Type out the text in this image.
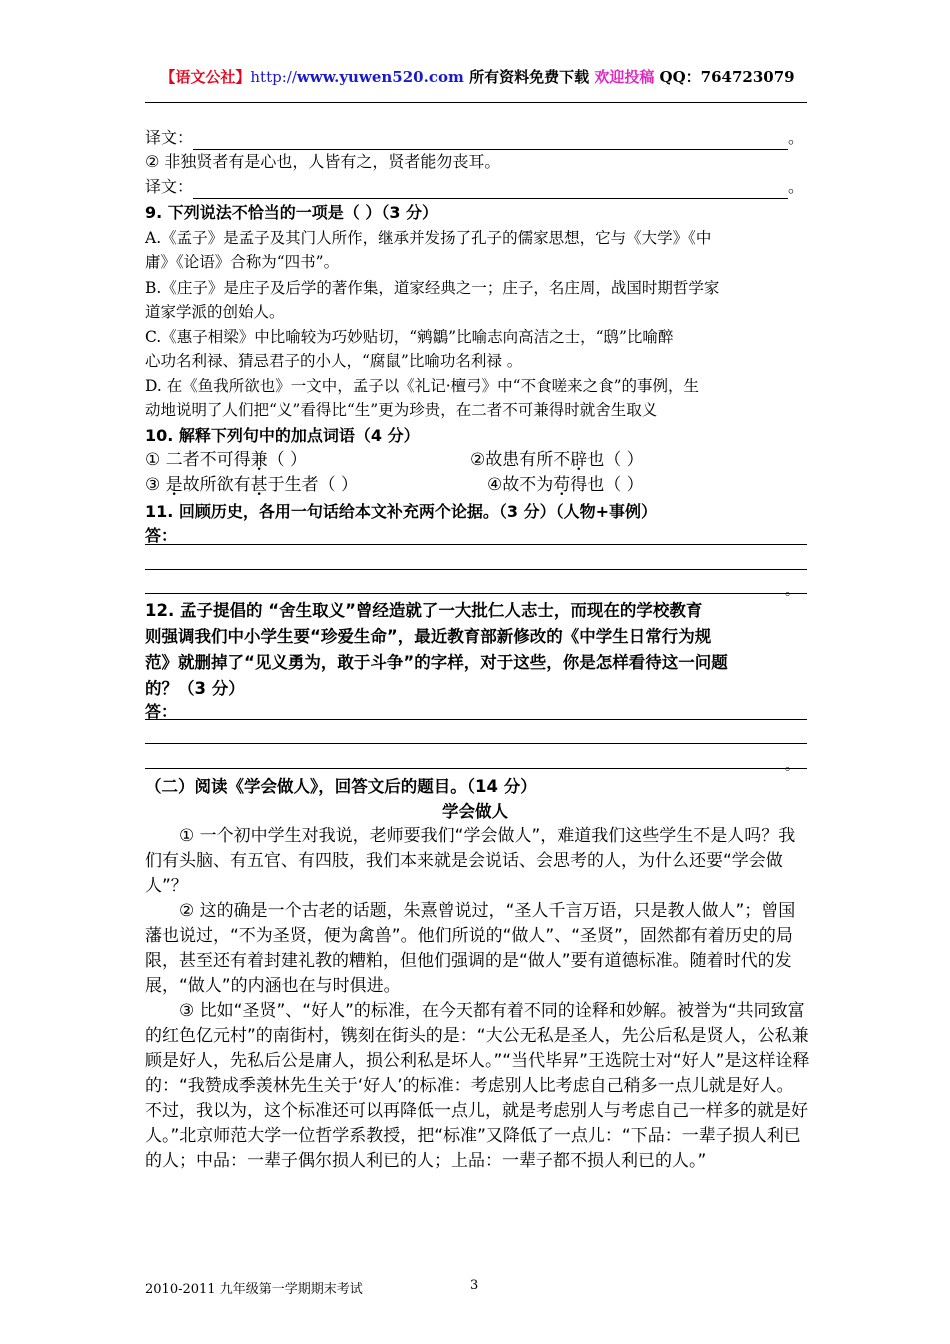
【语文公社】http://www.yuwen520.com 所有资料免费下载 欢迎投稿 QQ：764723079
译文：	。
② 非独贤者有是心也，人皆有之，贤者能勿丧耳。
译文：	。
9. 下列说法不恰当的一项是（ ）（3 分）
A.《孟子》是孟子及其门人所作，继承并发扬了孔子的儒家思想，它与《大学》《中
庸》《论语》合称为“四书”。
B.《庄子》是庄子及后学的著作集，道家经典之一；庄子，名庄周，战国时期哲学家
道家学派的创始人。
C.《惠子相梁》中比喻较为巧妙贴切，“鹓鶵”比喻志向高洁之士，“鸱”比喻醉
心功名利禄、猜忌君子的小人，“腐鼠”比喻功名利禄 。
D. 在《鱼我所欲也》一文中，孟子以《礼记·檀弓》中“不食嗟来之食”的事例，生
动地说明了人们把“义”看得比“生”更为珍贵，在二者不可兼得时就舍生取义
10. 解释下列句中的加点词语（4 分）
① 二者不可得兼（ ）	②故患有所不辟也（ ）
③ 是故所欲有甚于生者（ ）	④故不为苟得也（ ）
11. 回顾历史，各用一句话给本文补充两个论据。（3 分）（人物+事例）
答：
。
12. 孟子提倡的 “舍生取义”曾经造就了一大批仁人志士，而现在的学校教育
则强调我们中小学生要“珍爱生命”，最近教育部新修改的《中学生日常行为规
范》就删掉了“见义勇为，敢于斗争”的字样，对于这些，你是怎样看待这一问题
的？（3 分）
答：
。
（二）阅读《学会做人》，回答文后的题目。（14 分）
学会做人
① 一个初中学生对我说，老师要我们“学会做人”，难道我们这些学生不是人吗？我们有头脑、有五官、有四肢，我们本来就是会说话、会思考的人，为什么还要“学会做人”？
② 这的确是一个古老的话题，朱熹曾说过，“圣人千言万语，只是教人做人”；曾国藩也说过，“不为圣贤，便为禽兽”。他们所说的“做人”、“圣贤”，固然都有着历史的局限，甚至还有着封建礼教的糟粕，但他们强调的是“做人”要有道德标准。随着时代的发展，“做人”的内涵也在与时俱进。
③ 比如“圣贤”、“好人”的标准，在今天都有着不同的诠释和妙解。被誉为“共同致富的红色亿元村”的南街村，镌刻在街头的是：“大公无私是圣人，先公后私是贤人，公私兼顾是好人，先私后公是庸人，损公利私是坏人。”“当代毕昇”王选院士对“好人”是这样诠释的：“我赞成季羡林先生关于‘好人’的标准：考虑别人比考虑自己稍多一点儿就是好人。不过，我以为，这个标准还可以再降低一点儿，就是考虑别人与考虑自己一样多的就是好人。”北京师范大学一位哲学系教授，把“标准”又降低了一点儿：“下品：一辈子损人利已的人；中品：一辈子偶尔损人利已的人；上品：一辈子都不损人利已的人。”
2010-2011 九年级第一学期期末考试	3
